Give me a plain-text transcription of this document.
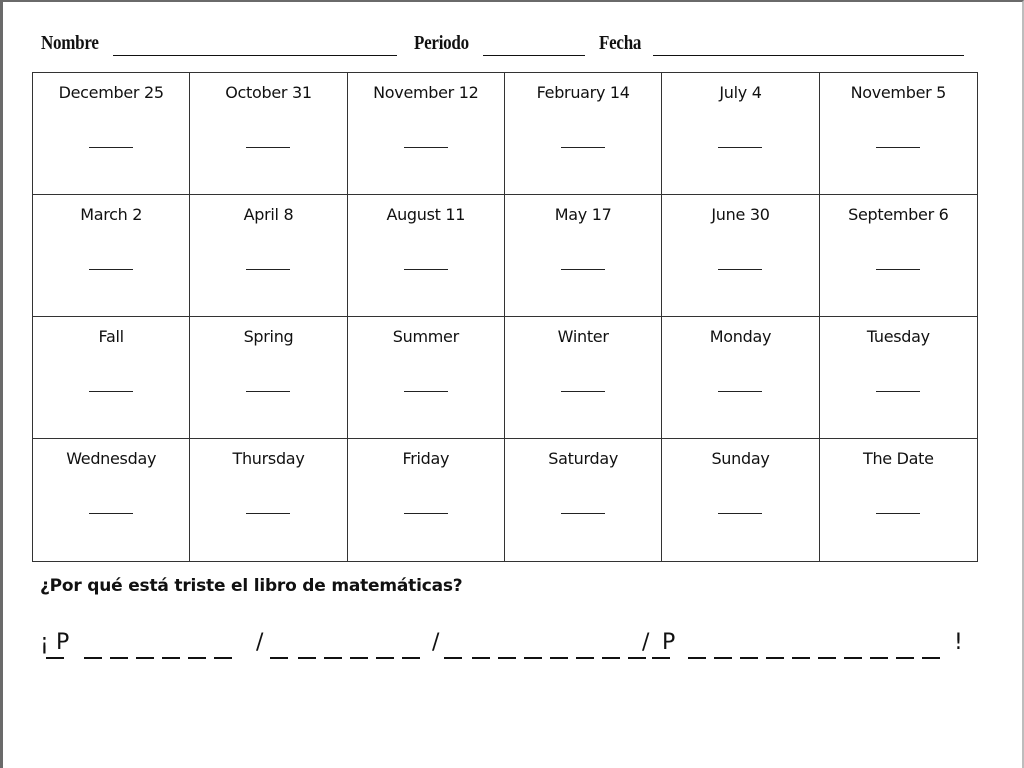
Nombre	Periodo	Fecha
December 25	October 31	November 12	February 14	July 4	November 5
March 2	April 8	August 11	May 17	June 30	September 6
Fall	Spring	Summer	Winter	Monday	Tuesday
Wednesday	Thursday	Friday	Saturday	Sunday	The Date
¿Por qué está triste el libro de matemáticas?
¡ P	/	/	/ P	!
